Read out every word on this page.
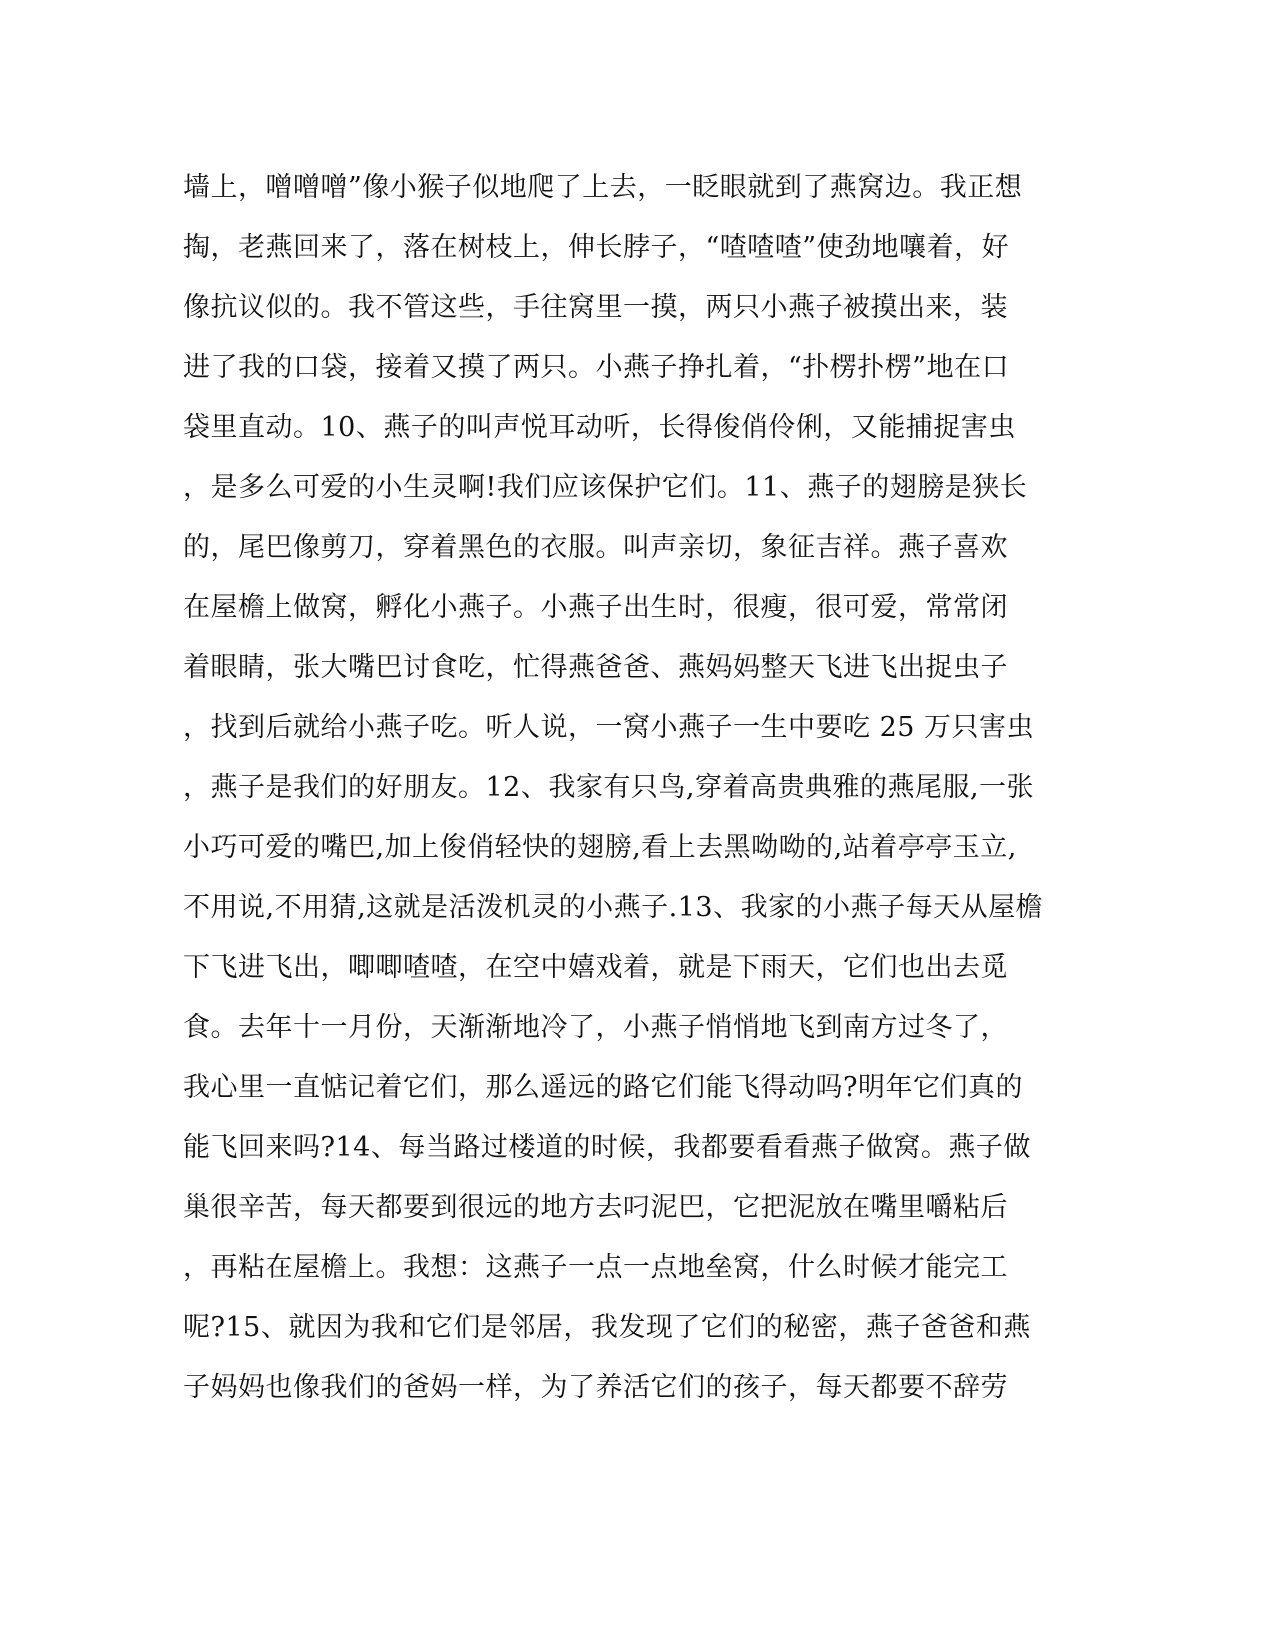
墙上，噌噌噌”像小猴子似地爬了上去，一眨眼就到了燕窝边。我正想
掏，老燕回来了，落在树枝上，伸长脖子，“喳喳喳”使劲地嚷着，好
像抗议似的。我不管这些，手往窝里一摸，两只小燕子被摸出来，装
进了我的口袋，接着又摸了两只。小燕子挣扎着，“扑楞扑楞”地在口
袋里直动。10、燕子的叫声悦耳动听，长得俊俏伶俐，又能捕捉害虫
，是多么可爱的小生灵啊!我们应该保护它们。11、燕子的翅膀是狭长
的，尾巴像剪刀，穿着黑色的衣服。叫声亲切，象征吉祥。燕子喜欢
在屋檐上做窝，孵化小燕子。小燕子出生时，很瘦，很可爱，常常闭
着眼睛，张大嘴巴讨食吃，忙得燕爸爸、燕妈妈整天飞进飞出捉虫子
，找到后就给小燕子吃。听人说，一窝小燕子一生中要吃 25 万只害虫
，燕子是我们的好朋友。12、我家有只鸟,穿着高贵典雅的燕尾服,一张
小巧可爱的嘴巴,加上俊俏轻快的翅膀,看上去黑呦呦的,站着亭亭玉立,
不用说,不用猜,这就是活泼机灵的小燕子.13、我家的小燕子每天从屋檐
下飞进飞出，唧唧喳喳，在空中嬉戏着，就是下雨天，它们也出去觅
食。去年十一月份，天渐渐地冷了，小燕子悄悄地飞到南方过冬了，
我心里一直惦记着它们，那么遥远的路它们能飞得动吗?明年它们真的
能飞回来吗?14、每当路过楼道的时候，我都要看看燕子做窝。燕子做
巢很辛苦，每天都要到很远的地方去叼泥巴，它把泥放在嘴里嚼粘后
，再粘在屋檐上。我想：这燕子一点一点地垒窝，什么时候才能完工
呢?15、就因为我和它们是邻居，我发现了它们的秘密，燕子爸爸和燕
子妈妈也像我们的爸妈一样，为了养活它们的孩子，每天都要不辞劳
